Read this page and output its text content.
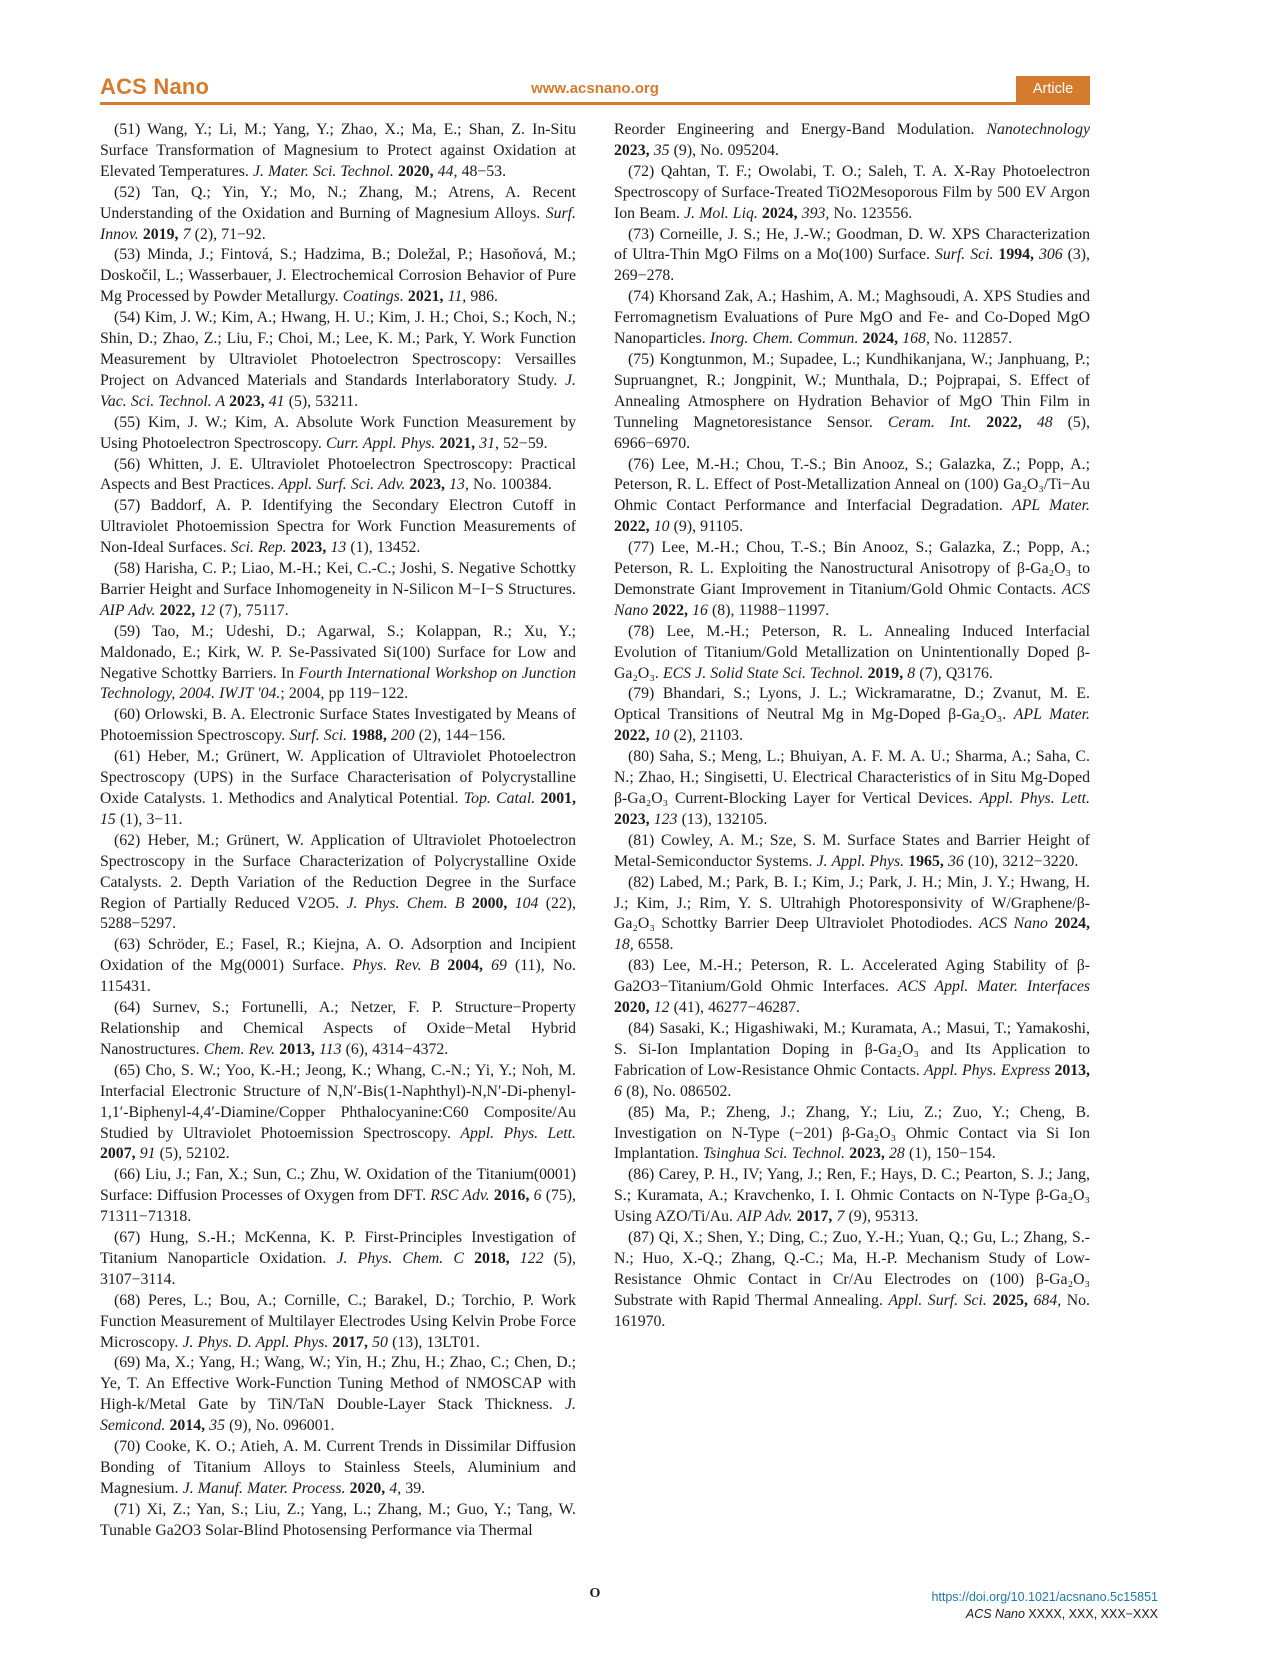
ACS Nano	www.acsnano.org	Article

(51) Wang, Y.; Li, M.; Yang, Y.; Zhao, X.; Ma, E.; Shan, Z. In-Situ Surface Transformation of Magnesium to Protect against Oxidation at Elevated Temperatures. J. Mater. Sci. Technol. 2020, 44, 48−53.

(52) Tan, Q.; Yin, Y.; Mo, N.; Zhang, M.; Atrens, A. Recent Understanding of the Oxidation and Burning of Magnesium Alloys. Surf. Innov. 2019, 7 (2), 71−92.

(53) Minda, J.; Fintová, S.; Hadzima, B.; Doležal, P.; Hasoňová, M.; Doskočil, L.; Wasserbauer, J. Electrochemical Corrosion Behavior of Pure Mg Processed by Powder Metallurgy. Coatings. 2021, 11, 986.

(54) Kim, J. W.; Kim, A.; Hwang, H. U.; Kim, J. H.; Choi, S.; Koch, N.; Shin, D.; Zhao, Z.; Liu, F.; Choi, M.; Lee, K. M.; Park, Y. Work Function Measurement by Ultraviolet Photoelectron Spectroscopy: Versailles Project on Advanced Materials and Standards Interlaboratory Study. J. Vac. Sci. Technol. A 2023, 41 (5), 53211.

(55) Kim, J. W.; Kim, A. Absolute Work Function Measurement by Using Photoelectron Spectroscopy. Curr. Appl. Phys. 2021, 31, 52−59.

(56) Whitten, J. E. Ultraviolet Photoelectron Spectroscopy: Practical Aspects and Best Practices. Appl. Surf. Sci. Adv. 2023, 13, No. 100384.

(57) Baddorf, A. P. Identifying the Secondary Electron Cutoff in Ultraviolet Photoemission Spectra for Work Function Measurements of Non-Ideal Surfaces. Sci. Rep. 2023, 13 (1), 13452.

(58) Harisha, C. P.; Liao, M.-H.; Kei, C.-C.; Joshi, S. Negative Schottky Barrier Height and Surface Inhomogeneity in N-Silicon M−I−S Structures. AIP Adv. 2022, 12 (7), 75117.

(59) Tao, M.; Udeshi, D.; Agarwal, S.; Kolappan, R.; Xu, Y.; Maldonado, E.; Kirk, W. P. Se-Passivated Si(100) Surface for Low and Negative Schottky Barriers. In Fourth International Workshop on Junction Technology, 2004. IWJT '04.; 2004, pp 119−122.

(60) Orlowski, B. A. Electronic Surface States Investigated by Means of Photoemission Spectroscopy. Surf. Sci. 1988, 200 (2), 144−156.

(61) Heber, M.; Grünert, W. Application of Ultraviolet Photoelectron Spectroscopy (UPS) in the Surface Characterisation of Polycrystalline Oxide Catalysts. 1. Methodics and Analytical Potential. Top. Catal. 2001, 15 (1), 3−11.

(62) Heber, M.; Grünert, W. Application of Ultraviolet Photoelectron Spectroscopy in the Surface Characterization of Polycrystalline Oxide Catalysts. 2. Depth Variation of the Reduction Degree in the Surface Region of Partially Reduced V2O5. J. Phys. Chem. B 2000, 104 (22), 5288−5297.

(63) Schröder, E.; Fasel, R.; Kiejna, A. O. Adsorption and Incipient Oxidation of the Mg(0001) Surface. Phys. Rev. B 2004, 69 (11), No. 115431.

(64) Surnev, S.; Fortunelli, A.; Netzer, F. P. Structure−Property Relationship and Chemical Aspects of Oxide−Metal Hybrid Nanostructures. Chem. Rev. 2013, 113 (6), 4314−4372.

(65) Cho, S. W.; Yoo, K.-H.; Jeong, K.; Whang, C.-N.; Yi, Y.; Noh, M. Interfacial Electronic Structure of N,N′-Bis(1-Naphthyl)-N,N′-Di-phenyl-1,1′-Biphenyl-4,4′-Diamine/Copper Phthalocyanine:C60 Composite/Au Studied by Ultraviolet Photoemission Spectroscopy. Appl. Phys. Lett. 2007, 91 (5), 52102.

(66) Liu, J.; Fan, X.; Sun, C.; Zhu, W. Oxidation of the Titanium(0001) Surface: Diffusion Processes of Oxygen from DFT. RSC Adv. 2016, 6 (75), 71311−71318.

(67) Hung, S.-H.; McKenna, K. P. First-Principles Investigation of Titanium Nanoparticle Oxidation. J. Phys. Chem. C 2018, 122 (5), 3107−3114.

(68) Peres, L.; Bou, A.; Cornille, C.; Barakel, D.; Torchio, P. Work Function Measurement of Multilayer Electrodes Using Kelvin Probe Force Microscopy. J. Phys. D. Appl. Phys. 2017, 50 (13), 13LT01.

(69) Ma, X.; Yang, H.; Wang, W.; Yin, H.; Zhu, H.; Zhao, C.; Chen, D.; Ye, T. An Effective Work-Function Tuning Method of NMOSCAP with High-k/Metal Gate by TiN/TaN Double-Layer Stack Thickness. J. Semicond. 2014, 35 (9), No. 096001.

(70) Cooke, K. O.; Atieh, A. M. Current Trends in Dissimilar Diffusion Bonding of Titanium Alloys to Stainless Steels, Aluminium and Magnesium. J. Manuf. Mater. Process. 2020, 4, 39.

(71) Xi, Z.; Yan, S.; Liu, Z.; Yang, L.; Zhang, M.; Guo, Y.; Tang, W. Tunable Ga2O3 Solar-Blind Photosensing Performance via Thermal

Reorder Engineering and Energy-Band Modulation. Nanotechnology 2023, 35 (9), No. 095204.

(72) Qahtan, T. F.; Owolabi, T. O.; Saleh, T. A. X-Ray Photoelectron Spectroscopy of Surface-Treated TiO2Mesoporous Film by 500 EV Argon Ion Beam. J. Mol. Liq. 2024, 393, No. 123556.

(73) Corneille, J. S.; He, J.-W.; Goodman, D. W. XPS Characterization of Ultra-Thin MgO Films on a Mo(100) Surface. Surf. Sci. 1994, 306 (3), 269−278.

(74) Khorsand Zak, A.; Hashim, A. M.; Maghsoudi, A. XPS Studies and Ferromagnetism Evaluations of Pure MgO and Fe- and Co-Doped MgO Nanoparticles. Inorg. Chem. Commun. 2024, 168, No. 112857.

(75) Kongtunmon, M.; Supadee, L.; Kundhikanjana, W.; Janphuang, P.; Supruangnet, R.; Jongpinit, W.; Munthala, D.; Pojprapai, S. Effect of Annealing Atmosphere on Hydration Behavior of MgO Thin Film in Tunneling Magnetoresistance Sensor. Ceram. Int. 2022, 48 (5), 6966−6970.

(76) Lee, M.-H.; Chou, T.-S.; Bin Anooz, S.; Galazka, Z.; Popp, A.; Peterson, R. L. Effect of Post-Metallization Anneal on (100) Ga₂O₃/Ti−Au Ohmic Contact Performance and Interfacial Degradation. APL Mater. 2022, 10 (9), 91105.

(77) Lee, M.-H.; Chou, T.-S.; Bin Anooz, S.; Galazka, Z.; Popp, A.; Peterson, R. L. Exploiting the Nanostructural Anisotropy of β-Ga₂O₃ to Demonstrate Giant Improvement in Titanium/Gold Ohmic Contacts. ACS Nano 2022, 16 (8), 11988−11997.

(78) Lee, M.-H.; Peterson, R. L. Annealing Induced Interfacial Evolution of Titanium/Gold Metallization on Unintentionally Doped β-Ga₂O₃. ECS J. Solid State Sci. Technol. 2019, 8 (7), Q3176.

(79) Bhandari, S.; Lyons, J. L.; Wickramaratne, D.; Zvanut, M. E. Optical Transitions of Neutral Mg in Mg-Doped β-Ga₂O₃. APL Mater. 2022, 10 (2), 21103.

(80) Saha, S.; Meng, L.; Bhuiyan, A. F. M. A. U.; Sharma, A.; Saha, C. N.; Zhao, H.; Singisetti, U. Electrical Characteristics of in Situ Mg-Doped β-Ga₂O₃ Current-Blocking Layer for Vertical Devices. Appl. Phys. Lett. 2023, 123 (13), 132105.

(81) Cowley, A. M.; Sze, S. M. Surface States and Barrier Height of Metal-Semiconductor Systems. J. Appl. Phys. 1965, 36 (10), 3212−3220.

(82) Labed, M.; Park, B. I.; Kim, J.; Park, J. H.; Min, J. Y.; Hwang, H. J.; Kim, J.; Rim, Y. S. Ultrahigh Photoresponsivity of W/Graphene/β-Ga₂O₃ Schottky Barrier Deep Ultraviolet Photodiodes. ACS Nano 2024, 18, 6558.

(83) Lee, M.-H.; Peterson, R. L. Accelerated Aging Stability of β-Ga2O3−Titanium/Gold Ohmic Interfaces. ACS Appl. Mater. Interfaces 2020, 12 (41), 46277−46287.

(84) Sasaki, K.; Higashiwaki, M.; Kuramata, A.; Masui, T.; Yamakoshi, S. Si-Ion Implantation Doping in β-Ga₂O₃ and Its Application to Fabrication of Low-Resistance Ohmic Contacts. Appl. Phys. Express 2013, 6 (8), No. 086502.

(85) Ma, P.; Zheng, J.; Zhang, Y.; Liu, Z.; Zuo, Y.; Cheng, B. Investigation on N-Type (−201) β-Ga₂O₃ Ohmic Contact via Si Ion Implantation. Tsinghua Sci. Technol. 2023, 28 (1), 150−154.

(86) Carey, P. H., IV; Yang, J.; Ren, F.; Hays, D. C.; Pearton, S. J.; Jang, S.; Kuramata, A.; Kravchenko, I. I. Ohmic Contacts on N-Type β-Ga₂O₃ Using AZO/Ti/Au. AIP Adv. 2017, 7 (9), 95313.

(87) Qi, X.; Shen, Y.; Ding, C.; Zuo, Y.-H.; Yuan, Q.; Gu, L.; Zhang, S.-N.; Huo, X.-Q.; Zhang, Q.-C.; Ma, H.-P. Mechanism Study of Low-Resistance Ohmic Contact in Cr/Au Electrodes on (100) β-Ga₂O₃ Substrate with Rapid Thermal Annealing. Appl. Surf. Sci. 2025, 684, No. 161970.

O	https://doi.org/10.1021/acsnano.5c15851
ACS Nano XXXX, XXX, XXX−XXX
